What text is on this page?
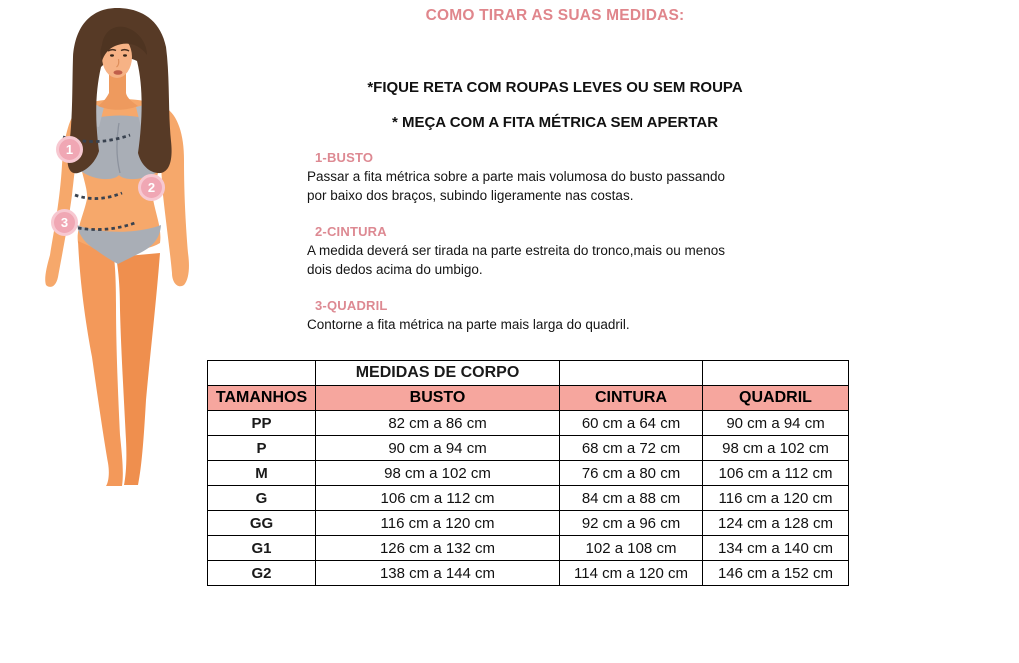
1
2
3
COMO TIRAR AS SUAS MEDIDAS:
*FIQUE RETA COM ROUPAS LEVES OU SEM ROUPA
* MEÇA COM A FITA MÉTRICA SEM APERTAR
1-BUSTO
Passar a fita métrica sobre a parte mais volumosa do busto passando
por baixo dos braços, subindo ligeramente nas costas.
2-CINTURA
A medida deverá ser tirada na parte estreita do tronco,mais ou menos
dois dedos acima do umbigo.
3-QUADRIL
Contorne a fita métrica na parte mais larga do quadril.
	MEDIDAS DE CORPO		
TAMANHOS	BUSTO	CINTURA	QUADRIL
PP	82 cm a 86 cm	60 cm a 64 cm	90 cm a 94 cm
P	90 cm a 94 cm	68 cm a 72 cm	98 cm a 102 cm
M	98 cm a 102 cm	76 cm a 80 cm	106 cm a 112 cm
G	106 cm a 112 cm	84 cm a 88 cm	116 cm a 120 cm
GG	116 cm a 120 cm	92 cm a 96 cm	124 cm a 128 cm
G1	126 cm a 132 cm	102 a 108 cm	134 cm a 140 cm
G2	138 cm a 144 cm	114 cm a 120 cm	146 cm a 152 cm
